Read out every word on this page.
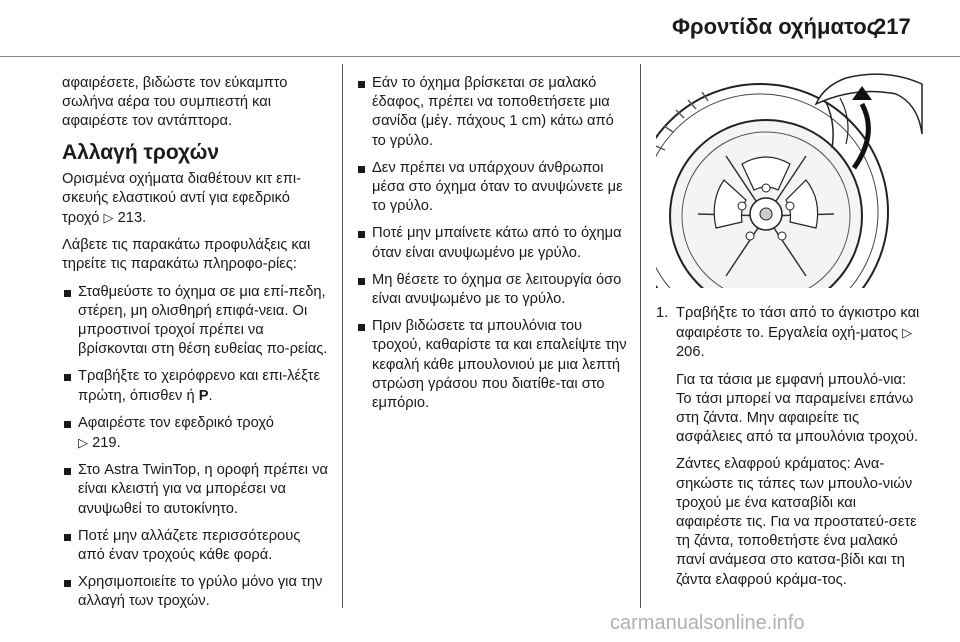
Φροντίδα οχήματος
217

αφαιρέσετε, βιδώστε τον εύκαμπτο σωλήνα αέρα του συμπιεστή και αφαιρέστε τον αντάπτορα.

Αλλαγή τροχών

Ορισμένα οχήματα διαθέτουν κιτ επι-σκευής ελαστικού αντί για εφεδρικό τροχό ▷ 213.

Λάβετε τις παρακάτω προφυλάξεις και τηρείτε τις παρακάτω πληροφο-ρίες:

Σταθμεύστε το όχημα σε μια επί-πεδη, στέρεη, μη ολισθηρή επιφά-νεια. Οι μπροστινοί τροχοί πρέπει να βρίσκονται στη θέση ευθείας πο-ρείας.
Τραβήξτε το χειρόφρενο και επι-λέξτε πρώτη, όπισθεν ή P.
Αφαιρέστε τον εφεδρικό τροχό
▷ 219.
Στο Astra TwinTop, η οροφή πρέπει να είναι κλειστή για να μπορέσει να ανυψωθεί το αυτοκίνητο.
Ποτέ μην αλλάζετε περισσότερους από έναν τροχούς κάθε φορά.
Χρησιμοποιείτε το γρύλο μόνο για την αλλαγή των τροχών.
Εάν το όχημα βρίσκεται σε μαλακό έδαφος, πρέπει να τοποθετήσετε μια σανίδα (μέγ. πάχους 1 cm) κάτω από το γρύλο.
Δεν πρέπει να υπάρχουν άνθρωποι μέσα στο όχημα όταν το ανυψώνετε με το γρύλο.
Ποτέ μην μπαίνετε κάτω από το όχημα όταν είναι ανυψωμένο με γρύλο.
Μη θέσετε το όχημα σε λειτουργία όσο είναι ανυψωμένο με το γρύλο.
Πριν βιδώσετε τα μπουλόνια του τροχού, καθαρίστε τα και επαλείψτε την κεφαλή κάθε μπουλονιού με μια λεπτή στρώση γράσου που διατίθε-ται στο εμπόριο.
1. Τραβήξτε το τάσι από το άγκιστρο και αφαιρέστε το. Εργαλεία οχή-ματος ▷ 206.

Για τα τάσια με εμφανή μπουλό-νια: Το τάσι μπορεί να παραμείνει επάνω στη ζάντα. Μην αφαιρείτε τις ασφάλειες από τα μπουλόνια τροχού.

Ζάντες ελαφρού κράματος: Ανα-σηκώστε τις τάπες των μπουλο-νιών τροχού με ένα κατσαβίδι και αφαιρέστε τις. Για να προστατεύ-σετε τη ζάντα, τοποθετήστε ένα μαλακό πανί ανάμεσα στο κατσα-βίδι και τη ζάντα ελαφρού κράμα-τος.

carmanualsonline.info
